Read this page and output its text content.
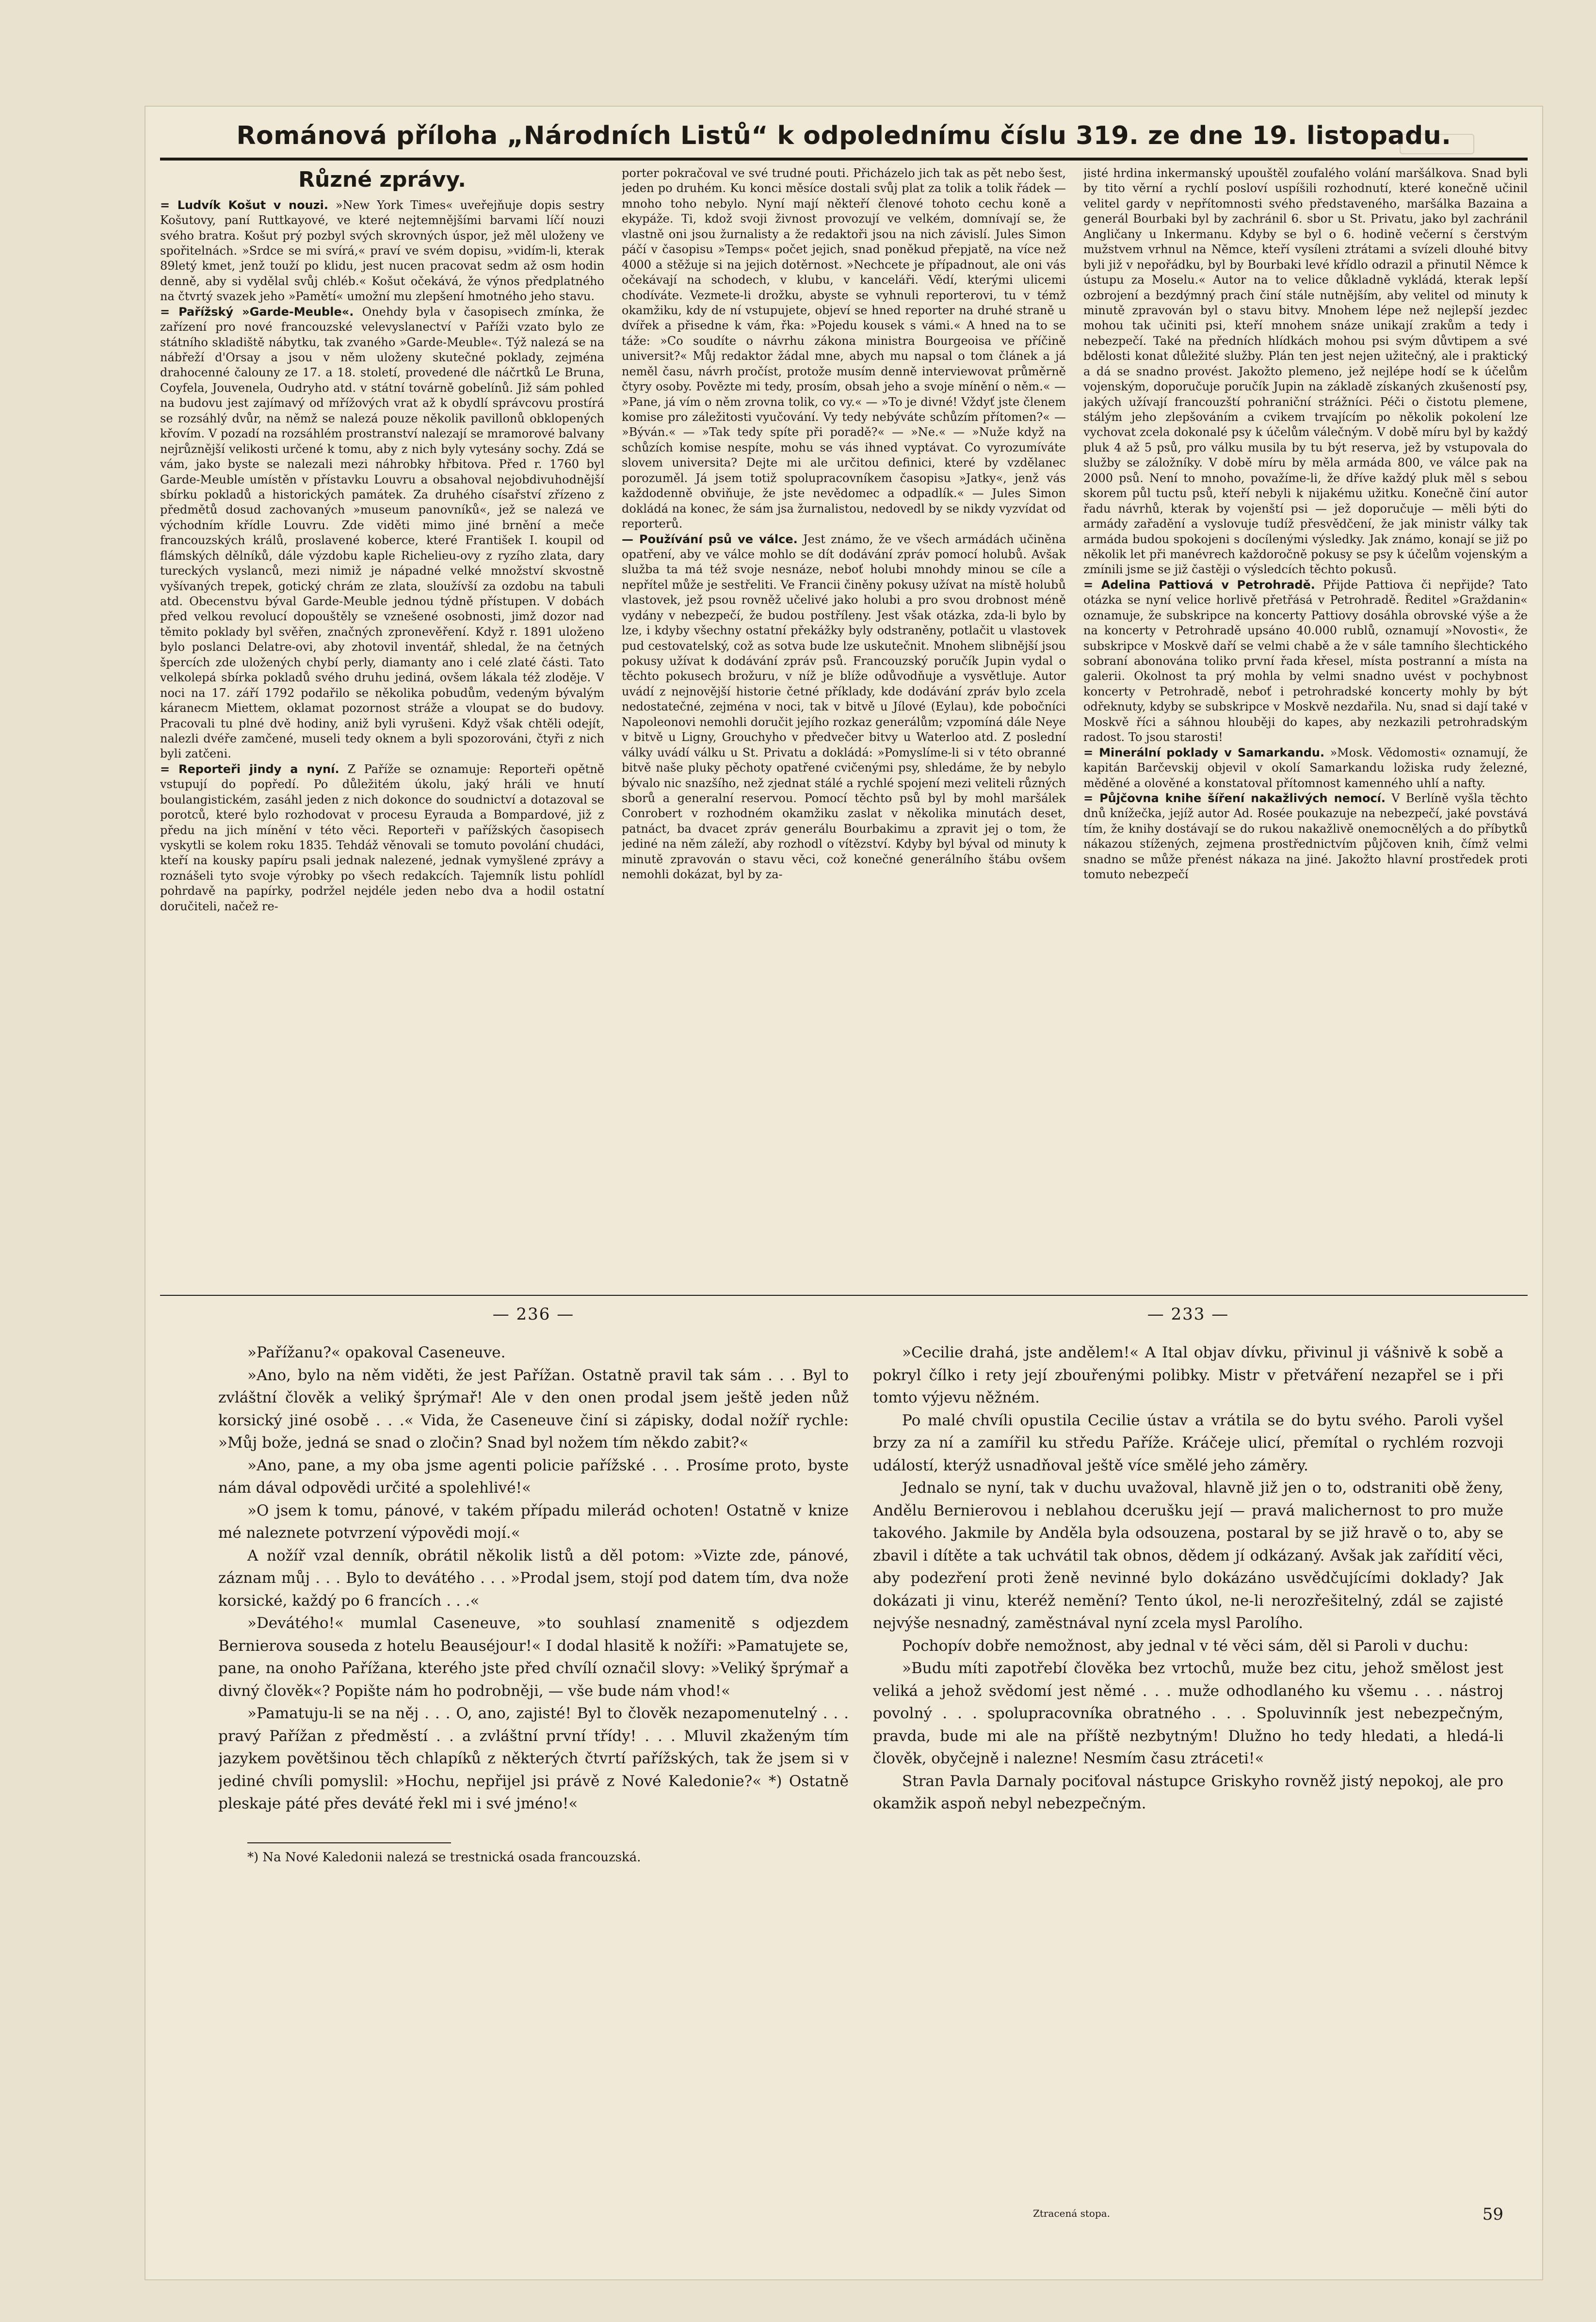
Románová příloha „Národních Listů“ k odpolednímu číslu 319. ze dne 19. listopadu.
Různé zprávy.

= Ludvík Košut v nouzi. »New York Times« uveřejňuje dopis sestry Košutovy, paní Ruttkayové, ve které nejtemnějšími barvami líčí nouzi svého bratra. Košut prý pozbyl svých skrovných úspor, jež měl uloženy ve spořitelnách. »Srdce se mi svírá,« praví ve svém dopisu, »vidím-li, kterak 89letý kmet, jenž touží po klidu, jest nucen pracovat sedm až osm hodin denně, aby si vydělal svůj chléb.« Košut očekává, že výnos předplatného na čtvrtý svazek jeho »Pamětí« umožní mu zlepšení hmotného jeho stavu.

= Pařížský »Garde-Meuble«. Onehdy byla v časopisech zmínka, že zařízení pro nové francouzské velevyslanectví v Paříži vzato bylo ze státního skladiště nábytku, tak zvaného »Garde-Meuble«. Týž nalezá se na nábřeží d'Orsay a jsou v něm uloženy skutečné poklady, zejména drahocenné čalouny ze 17. a 18. století, provedené dle náčrtků Le Bruna, Coyfela, Jouvenela, Oudryho atd. v státní továrně gobelínů. Již sám pohled na budovu jest zajímavý od mřížových vrat až k obydlí správcovu prostírá se rozsáhlý dvůr, na němž se nalezá pouze několik pavillonů obklopených křovím. V pozadí na rozsáhlém prostranství nalezají se mramorové balvany nejrůznější velikosti určené k tomu, aby z nich byly vytesány sochy. Zdá se vám, jako byste se nalezali mezi náhrobky hřbitova. Před r. 1760 byl Garde-Meuble umístěn v přístavku Louvru a obsahoval nejobdivuhodnější sbírku pokladů a historických památek. Za druhého císařství zřízeno z předmětů dosud zachovaných »museum panovníků«, jež se nalezá ve východním křídle Louvru. Zde viděti mimo jiné brnění a meče francouzských králů, proslavené koberce, které František I. koupil od flámských dělníků, dále výzdobu kaple Richelieu-ovy z ryzího zlata, dary tureckých vyslanců, mezi nimiž je nápadné velké množství skvostně vyšívaných trepek, gotický chrám ze zlata, sloužívší za ozdobu na tabuli atd. Obecenstvu býval Garde-Meuble jednou týdně přístupen. V dobách před velkou revolucí dopouštěly se vznešené osobnosti, jimž dozor nad těmito poklady byl svěřen, značných zpronevěření. Když r. 1891 uloženo bylo poslanci Delatre-ovi, aby zhotovil inventář, shledal, že na četných špercích zde uložených chybí perly, diamanty ano i celé zlaté části. Tato velkolepá sbírka pokladů svého druhu jediná, ovšem lákala též zloděje. V noci na 17. září 1792 podařilo se několika pobudům, vedeným bývalým káranecm Miettem, oklamat pozornost stráže a vloupat se do budovy. Pracovali tu plné dvě hodiny, aniž byli vyrušeni. Když však chtěli odejít, nalezli dvéře zamčené, museli tedy oknem a byli spozorováni, čtyři z nich byli zatčeni.

= Reporteři jindy a nyní. Z Paříže se oznamuje: Reporteři opětně vstupují do popředí. Po důležitém úkolu, jaký hráli ve hnutí boulangistickém, zasáhl jeden z nich dokonce do soudnictví a dotazoval se porotců, které bylo rozhodovat v procesu Eyrauda a Bompardové, již z předu na jich mínění v této věci. Reporteři v pařížských časopisech vyskytli se kolem roku 1835. Tehdáž věnovali se tomuto povolání chudáci, kteří na kousky papíru psali jednak nalezené, jednak vymyšlené zprávy a roznášeli tyto svoje výrobky po všech redakcích. Tajemník listu pohlídl pohrdavě na papírky, podržel nejdéle jeden nebo dva a hodil ostatní doručiteli, načež re-

porter pokračoval ve své trudné pouti. Přicházelo jich tak as pět nebo šest, jeden po druhém. Ku konci měsíce dostali svůj plat za tolik a tolik řádek — mnoho toho nebylo. Nyní mají někteří členové tohoto cechu koně a ekypáže. Ti, kdož svoji živnost provozují ve velkém, domnívají se, že vlastně oni jsou žurnalisty a že redaktoři jsou na nich závislí. Jules Simon páčí v časopisu »Temps« počet jejich, snad poněkud přepjatě, na více než 4000 a stěžuje si na jejich dotěrnost. »Nechcete je případnout, ale oni vás očekávají na schodech, v klubu, v kanceláři. Vědí, kterými ulicemi chodíváte. Vezmete-li drožku, abyste se vyhnuli reporterovi, tu v témž okamžiku, kdy de ní vstupujete, objeví se hned reporter na druhé straně u dvířek a přisedne k vám, řka: »Pojedu kousek s vámi.« A hned na to se táže: »Co soudíte o návrhu zákona ministra Bourgeoisa ve příčině universit?« Můj redaktor žádal mne, abych mu napsal o tom článek a já neměl času, návrh pročíst, protože musím denně interviewovat průměrně čtyry osoby. Povězte mi tedy, prosím, obsah jeho a svoje mínění o něm.« — »Pane, já vím o něm zrovna tolik, co vy.« — »To je divné! Vždyť jste členem komise pro záležitosti vyučování. Vy tedy nebýváte schůzím přítomen?« — »Býván.« — »Tak tedy spíte při poradě?« — »Ne.« — »Nuže když na schůzích komise nespíte, mohu se vás ihned vyptávat. Co vyrozumíváte slovem universita? Dejte mi ale určitou definici, které by vzdělanec porozuměl. Já jsem totiž spolupracovníkem časopisu »Jatky«, jenž vás každodenně obviňuje, že jste nevědomec a odpadlík.« — Jules Simon dokládá na konec, že sám jsa žurnalistou, nedovedl by se nikdy vyzvídat od reporterů.

— Používání psů ve válce. Jest známo, že ve všech armádách učiněna opatření, aby ve válce mohlo se dít dodávání zpráv pomocí holubů. Avšak služba ta má též svoje nesnáze, neboť holubi mnohdy minou se cíle a nepřítel může je sestřeliti. Ve Francii činěny pokusy užívat na místě holubů vlastovek, jež psou rovněž učelivé jako holubi a pro svou drobnost méně vydány v nebezpečí, že budou postříleny. Jest však otázka, zda-li bylo by lze, i kdyby všechny ostatní překážky byly odstraněny, potlačit u vlastovek pud cestovatelský, což as sotva bude lze uskutečnit. Mnohem slibnější jsou pokusy užívat k dodávání zpráv psů. Francouzský poručík Jupin vydal o těchto pokusech brožuru, v níž je blíže odůvodňuje a vysvětluje. Autor uvádí z nejnovější historie četné příklady, kde dodávání zpráv bylo zcela nedostatečné, zejména v noci, tak v bitvě u Jílové (Eylau), kde pobočníci Napoleonovi nemohli doručit jejího rozkaz generálům; vzpomíná dále Neye v bitvě u Ligny, Grouchyho v předvečer bitvy u Waterloo atd. Z poslední války uvádí válku u St. Privatu a dokládá: »Pomyslíme-li si v této obranné bitvě naše pluky pěchoty opatřené cvičenými psy, shledáme, že by nebylo bývalo nic snazšího, než zjednat stálé a rychlé spojení mezi veliteli různých sborů a generalní reservou. Pomocí těchto psů byl by mohl maršálek Conrobert v rozhodném okamžiku zaslat v několika minutách deset, patnáct, ba dvacet zpráv generálu Bourbakimu a zpravit jej o tom, že jediné na něm záleží, aby rozhodl o vítězství. Kdyby byl býval od minuty k minutě zpravován o stavu věci, což konečné generálního štábu ovšem nemohli dokázat, byl by za-

jisté hrdina inkermanský upouštěl zoufalého volání maršálkova. Snad byli by tito věrní a rychlí posloví uspíšili rozhodnutí, které konečně učinil velitel gardy v nepřítomnosti svého představeného, maršálka Bazaina a generál Bourbaki byl by zachránil 6. sbor u St. Privatu, jako byl zachránil Angličany u Inkermanu. Kdyby se byl o 6. hodině večerní s čerstvým mužstvem vrhnul na Němce, kteří vysíleni ztrátami a svízeli dlouhé bitvy byli již v nepořádku, byl by Bourbaki levé křídlo odrazil a přinutil Němce k ústupu za Moselu.« Autor na to velice důkladně vykládá, kterak lepší ozbrojení a bezdýmný prach činí stále nutnějším, aby velitel od minuty k minutě zpravován byl o stavu bitvy. Mnohem lépe než nejlepší jezdec mohou tak učiniti psi, kteří mnohem snáze unikají zrakům a tedy i nebezpečí. Také na předních hlídkách mohou psi svým důvtipem a své bdělosti konat důležité služby. Plán ten jest nejen užitečný, ale i praktický a dá se snadno provést. Jakožto plemeno, jež nejlépe hodí se k účelům vojenským, doporučuje poručík Jupin na základě získaných zkušeností psy, jakých užívají francouzští pohraniční strážníci. Péči o čistotu plemene, stálým jeho zlepšováním a cvikem trvajícím po několik pokolení lze vychovat zcela dokonalé psy k účelům válečným. V době míru byl by každý pluk 4 až 5 psů, pro válku musila by tu být reserva, jež by vstupovala do služby se záložníky. V době míru by měla armáda 800, ve válce pak na 2000 psů. Není to mnoho, považíme-li, že dříve každý pluk měl s sebou skorem půl tuctu psů, kteří nebyli k nijakému užitku. Konečně činí autor řadu návrhů, kterak by vojenští psi — jež doporučuje — měli býti do armády zařadění a vyslovuje tudíž přesvědčení, že jak ministr války tak armáda budou spokojeni s docílenými výsledky. Jak známo, konají se již po několik let při manévrech každoročně pokusy se psy k účelům vojenským a zmínili jsme se již častěji o výsledcích těchto pokusů.

= Adelina Pattiová v Petrohradě. Přijde Pattiova či nepřijde? Tato otázka se nyní velice horlivě přetřásá v Petrohradě. Ředitel »Graždanin« oznamuje, že subskripce na koncerty Pattiovy dosáhla obrovské výše a že na koncerty v Petrohradě upsáno 40.000 rublů, oznamují »Novosti«, že subskripce v Moskvě daří se velmi chabě a že v sále tamního šlechtického sobraní abonována toliko první řada křesel, místa postranní a místa na galerii. Okolnost ta prý mohla by velmi snadno uvést v pochybnost koncerty v Petrohradě, neboť i petrohradské koncerty mohly by být odřeknuty, kdyby se subskripce v Moskvě nezdařila. Nu, snad si dají také v Moskvě říci a sáhnou hlouběji do kapes, aby nezkazili petrohradským radost. To jsou starosti!

= Minerální poklady v Samarkandu. »Mosk. Vědomosti« oznamují, že kapitán Barčevskij objevil v okolí Samarkandu ložiska rudy železné, měděné a olověné a konstatoval přítomnost kamenného uhlí a nafty.

= Půjčovna knihe šíření nakažlivých nemocí. V Berlíně vyšla těchto dnů knížečka, jejíž autor Ad. Rosée poukazuje na nebezpečí, jaké povstává tím, že knihy dostávají se do rukou nakažlivě onemocnělých a do příbytků nákazou stížených, zejmena prostřednictvím půjčoven knih, čímž velmi snadno se může přenést nákaza na jiné. Jakožto hlavní prostředek proti tomuto nebezpečí

— 236 —

»Pařížanu?« opakoval Caseneuve.

»Ano, bylo na něm viděti, že jest Pařížan. Ostatně pravil tak sám . . . Byl to zvláštní člověk a veliký šprýmař! Ale v den onen prodal jsem ještě jeden nůž korsický jiné osobě . . .« Vida, že Caseneuve činí si zápisky, dodal nožíř rychle: »Můj bože, jedná se snad o zločin? Snad byl nožem tím někdo zabit?«

»Ano, pane, a my oba jsme agenti policie pařížské . . . Prosíme proto, byste nám dával odpovědi určité a spolehlivé!«

»O jsem k tomu, pánové, v takém případu milerád ochoten! Ostatně v knize mé naleznete potvrzení výpovědi mojí.«

A nožíř vzal denník, obrátil několik listů a děl potom: »Vizte zde, pánové, záznam můj . . . Bylo to devátého . . . »Prodal jsem, stojí pod datem tím, dva nože korsické, každý po 6 francích . . .«

»Devátého!« mumlal Caseneuve, »to souhlasí znamenitě s odjezdem Bernierova souseda z hotelu Beauséjour!« I dodal hlasitě k nožíři: »Pamatujete se, pane, na onoho Pařížana, kterého jste před chvílí označil slovy: »Veliký šprýmař a divný člověk«? Popište nám ho podrobněji, — vše bude nám vhod!«

»Pamatuju-li se na něj . . . O, ano, zajisté! Byl to člověk nezapomenutelný . . . pravý Pařížan z předměstí . . a zvláštní první třídy! . . . Mluvil zkaženým tím jazykem povětšinou těch chlapíků z některých čtvrtí pařížských, tak že jsem si v jediné chvíli pomyslil: »Hochu, nepřijel jsi právě z Nové Kaledonie?« *) Ostatně pleskaje páté přes deváté řekl mi i své jméno!«

*) Na Nové Kaledonii nalezá se trestnická osada francouzská.
— 233 —

»Cecilie drahá, jste andělem!« A Ital objav dívku, přivinul ji vášnivě k sobě a pokryl čílko i rety její zbouřenými polibky. Mistr v přetváření nezapřel se i při tomto výjevu něžném.

Po malé chvíli opustila Cecilie ústav a vrátila se do bytu svého. Paroli vyšel brzy za ní a zamířil ku středu Paříže. Kráčeje ulicí, přemítal o rychlém rozvoji událostí, kterýž usnadňoval ještě více smělé jeho záměry.

Jednalo se nyní, tak v duchu uvažoval, hlavně již jen o to, odstraniti obě ženy, Andělu Bernierovou i neblahou dcerušku její — pravá malichernost to pro muže takového. Jakmile by Anděla byla odsouzena, postaral by se již hravě o to, aby se zbavil i dítěte a tak uchvátil tak obnos, dědem jí odkázaný. Avšak jak zařídití věci, aby podezření proti ženě nevinné bylo dokázáno usvědčujícími doklady? Jak dokázati ji vinu, kteréž nemění? Tento úkol, ne-li nerozřešitelný, zdál se zajisté nejvýše nesnadný, zaměstnával nyní zcela mysl Parolího.

Pochopív dobře nemožnost, aby jednal v té věci sám, děl si Paroli v duchu:

»Budu míti zapotřebí člověka bez vrtochů, muže bez citu, jehož smělost jest veliká a jehož svědomí jest němé . . . muže odhodlaného ku všemu . . . nástroj povolný . . . spolupracovníka obratného . . . Spoluvinník jest nebezpečným, pravda, bude mi ale na příště nezbytným! Dlužno ho tedy hledati, a hledá-li člověk, obyčejně i nalezne! Nesmím času ztráceti!«

Stran Pavla Darnaly pociťoval nástupce Griskyho rovněž jistý nepokoj, ale pro okamžik aspoň nebyl nebezpečným.

Ztracená stopa.	59
